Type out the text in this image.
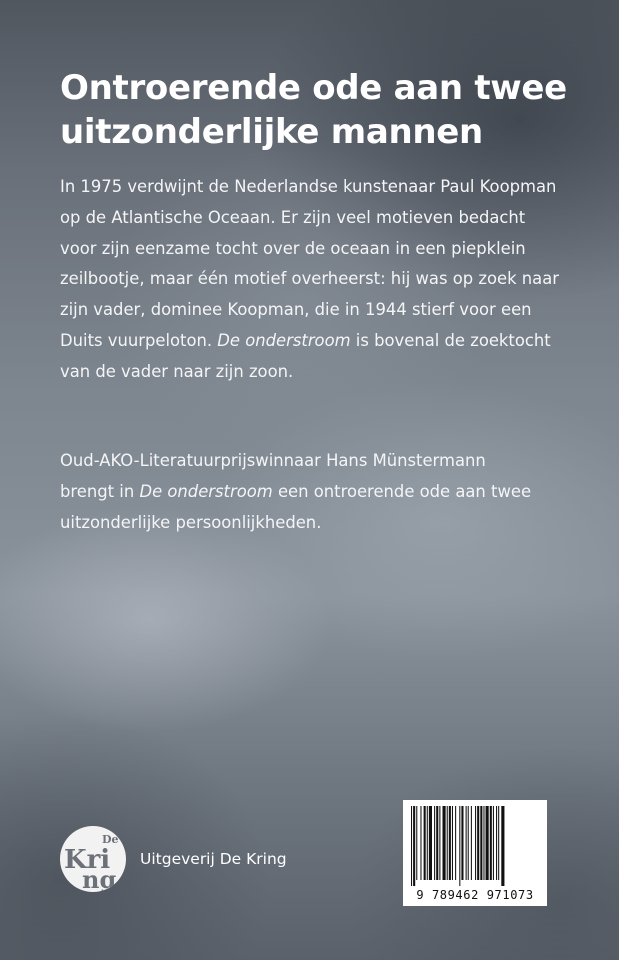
Ontroerende ode aan twee
uitzonderlijke mannen
In 1975 verdwijnt de Nederlandse kunstenaar Paul Koopman
op de Atlantische Oceaan. Er zijn veel motieven bedacht
voor zijn eenzame tocht over de oceaan in een piepklein
zeilbootje, maar één motief overheerst: hij was op zoek naar
zijn vader, dominee Koopman, die in 1944 stierf voor een
Duits vuurpeloton. De onderstroom is bovenal de zoektocht
van de vader naar zijn zoon.
Oud-AKO-Literatuurprijswinnaar Hans Münstermann
brengt in De onderstroom een ontroerende ode aan twee
uitzonderlijke persoonlijkheden.
De
Kri
ng
Uitgeverij De Kring
9 789462 971073
